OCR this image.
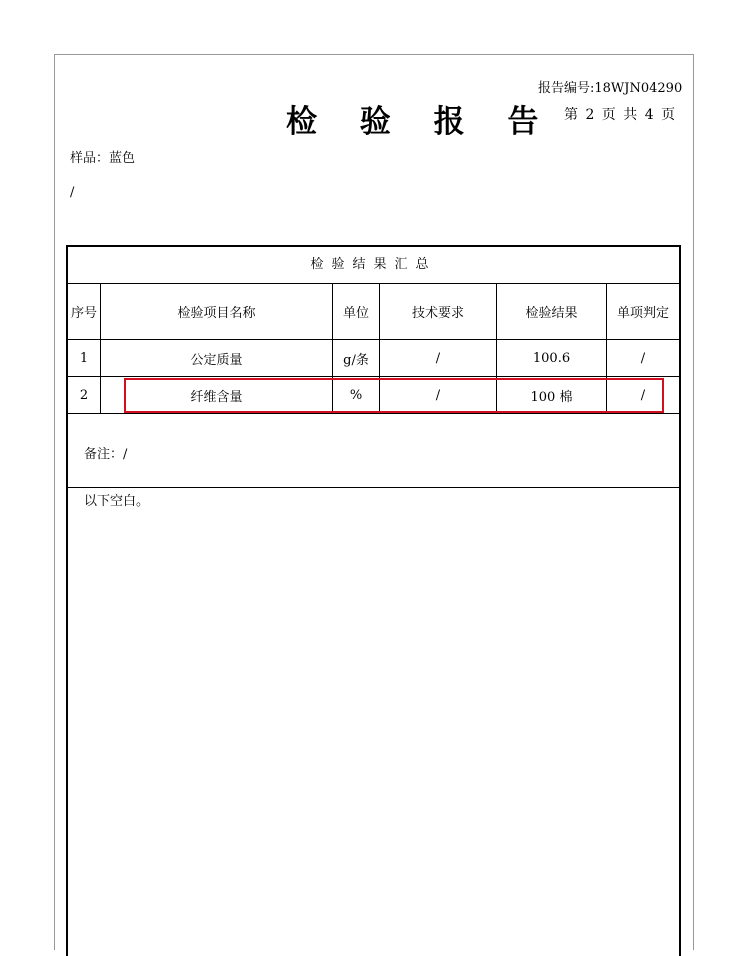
报告编号:18WJN04290
检 验 报 告 第 2 页 共 4 页
样品：蓝色
/
检验结果汇总
序号	检验项目名称	单位	技术要求	检验结果	单项判定
1	公定质量	g/条	/	100.6	/
2	纤维含量	%	/	100 棉	/
备注：/
以下空白。
